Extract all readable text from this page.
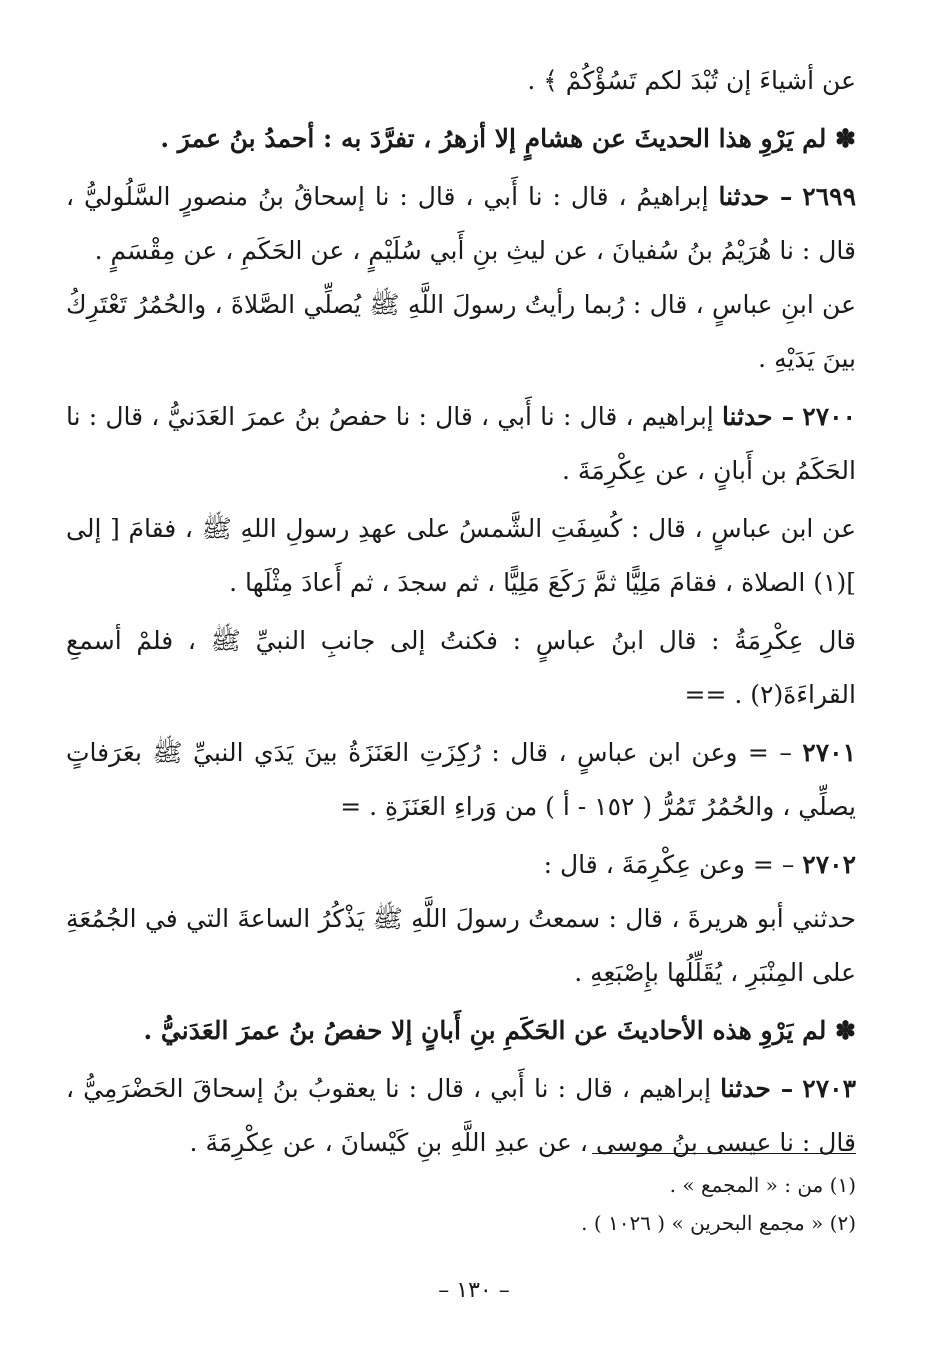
عن أشياءَ إن تُبْدَ لكم تَسُؤْكُمْ ﴾ .

✽ لم يَرْوِ هذا الحديثَ عن هشامٍ إلا أزهرُ ، تفرَّدَ به : أحمدُ بنُ عمرَ .

٢٦٩٩ – حدثنا إبراهيمُ ، قال : نا أَبي ، قال : نا إسحاقُ بنُ منصورٍ السَّلُوليُّ ، قال : نا هُرَيْمُ بنُ سُفيانَ ، عن ليثِ بنِ أَبي سُلَيْمٍ ، عن الحَكَمِ ، عن مِقْسَمٍ .

عن ابنِ عباسٍ ، قال : رُبما رأيتُ رسولَ اللَّهِ ﷺ يُصلِّي الصَّلاةَ ، والحُمُرُ تَعْتَرِكُ بينَ يَدَيْهِ .

٢٧٠٠ – حدثنا إبراهيم ، قال : نا أَبي ، قال : نا حفصُ بنُ عمرَ العَدَنيُّ ، قال : نا الحَكَمُ بن أَبانٍ ، عن عِكْرِمَةَ .

عن ابن عباسٍ ، قال : كُسِفَتِ الشَّمسُ على عهدِ رسولِ اللهِ ﷺ ، فقامَ [ إلى ](١) الصلاة ، فقامَ مَلِيًّا ثمَّ رَكَعَ مَلِيًّا ، ثم سجدَ ، ثم أَعادَ مِثْلَها .

قال عِكْرِمَةُ : قال ابنُ عباسٍ : فكنتُ إلى جانبِ النبيِّ ﷺ ، فلمْ أسمعِ القراءَةَ(٢) . ==

٢٧٠١ – = وعن ابن عباسٍ ، قال : رُكِزَتِ العَنَزَةُ بينَ يَدَي النبيِّ ﷺ بعَرَفاتٍ يصلِّي ، والحُمُرُ تَمُرُّ ( ١٥٢ - أ ) من وَراءِ العَنَزَةِ . =

٢٧٠٢ – = وعن عِكْرِمَةَ ، قال :

حدثني أبو هريرةَ ، قال : سمعتُ رسولَ اللَّهِ ﷺ يَذْكُرُ الساعةَ التي في الجُمُعَةِ على المِنْبَرِ ، يُقَلِّلُها بإِصْبَعِهِ .

✽ لم يَرْوِ هذه الأحاديثَ عن الحَكَمِ بنِ أَبانٍ إلا حفصُ بنُ عمرَ العَدَنيُّ .

٢٧٠٣ – حدثنا إبراهيم ، قال : نا أَبي ، قال : نا يعقوبُ بنُ إسحاقَ الحَضْرَمِيُّ ، قال : نا عيسى بنُ موسى ، عن عبدِ اللَّهِ بنِ كَيْسانَ ، عن عِكْرِمَةَ .

(١) من : « المجمع » .
(٢) « مجمع البحرين » ( ١٠٢٦ ) .
– ١٣٠ –
